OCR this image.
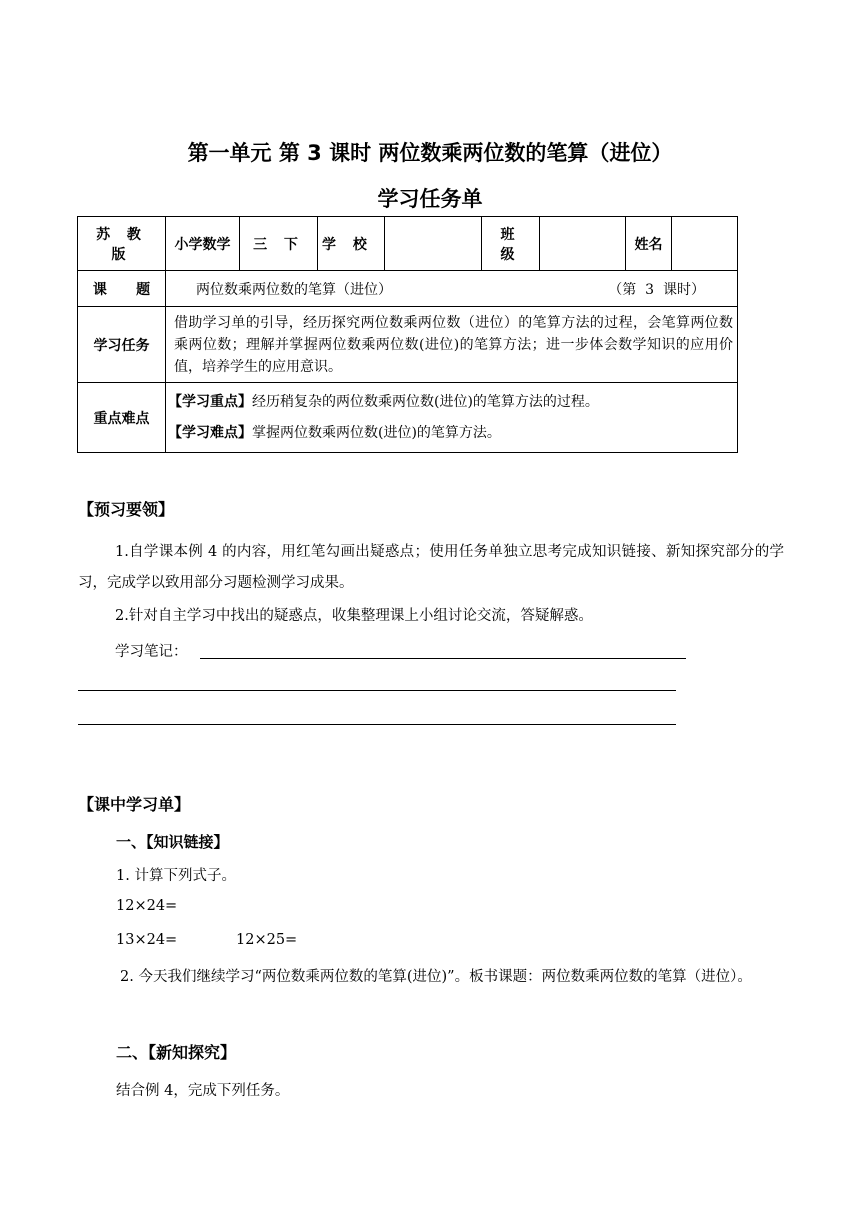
第一单元 第 3 课时 两位数乘两位数的笔算（进位）
学习任务单
苏 教 版	小学数学	三 下	学 校		班 级		姓名	
课      题	两位数乘两位数的笔算（进位） （第  3  课时）							

学习任务	借助学习单的引导，经历探究两位数乘两位数（进位）的笔算方法的过程，会笔算两位数乘两位数；理解并掌握两位数乘两位数(进位)的笔算方法；进一步体会数学知识的应用价值，培养学生的应用意识。							
重点难点	【学习重点】经历稍复杂的两位数乘两位数(进位)的笔算方法的过程。
【学习难点】掌握两位数乘两位数(进位)的笔算方法。							
【预习要领】
1.自学课本例 4 的内容，用红笔勾画出疑惑点；使用任务单独立思考完成知识链接、新知探究部分的学习，完成学以致用部分习题检测学习成果。
2.针对自主学习中找出的疑惑点，收集整理课上小组讨论交流，答疑解惑。
学习笔记：
【课中学习单】
一、【知识链接】
1. 计算下列式子。
12×24=
13×24=	12×25=
2. 今天我们继续学习“两位数乘两位数的笔算(进位)”。板书课题：两位数乘两位数的笔算（进位）。
二、【新知探究】
结合例 4，完成下列任务。
